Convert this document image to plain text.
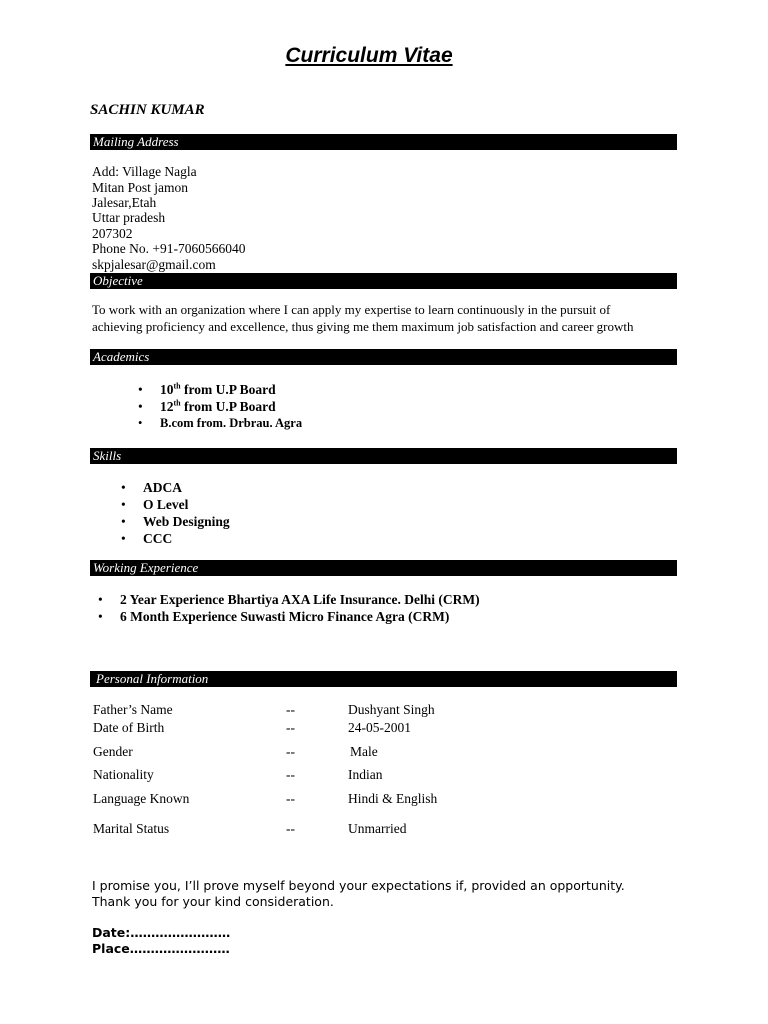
Curriculum Vitae
SACHIN KUMAR
Mailing Address
Add: Village Nagla
Mitan Post jamon
Jalesar,Etah
Uttar pradesh
207302
Phone No. +91-7060566040
skpjalesar@gmail.com
Objective
To work with an organization where I can apply my expertise to learn continuously in the pursuit of
achieving proficiency and excellence, thus giving me them maximum job satisfaction and career growth
Academics
• 10th from U.P Board
• 12th from U.P Board
• B.com from. Drbrau. Agra
Skills
• ADCA
• O Level
• Web Designing
• CCC
Working Experience
• 2 Year Experience Bhartiya AXA Life Insurance. Delhi (CRM)
• 6 Month Experience Suwasti Micro Finance Agra (CRM)
Personal Information
Father’s Name	--	Dushyant Singh
Date of Birth	--	24-05-2001
Gender	--	Male
Nationality	--	Indian
Language Known	--	Hindi & English
Marital Status	--	Unmarried
I promise you, I’ll prove myself beyond your expectations if, provided an opportunity.
Thank you for your kind consideration.
Date:……………………
Place……………………
